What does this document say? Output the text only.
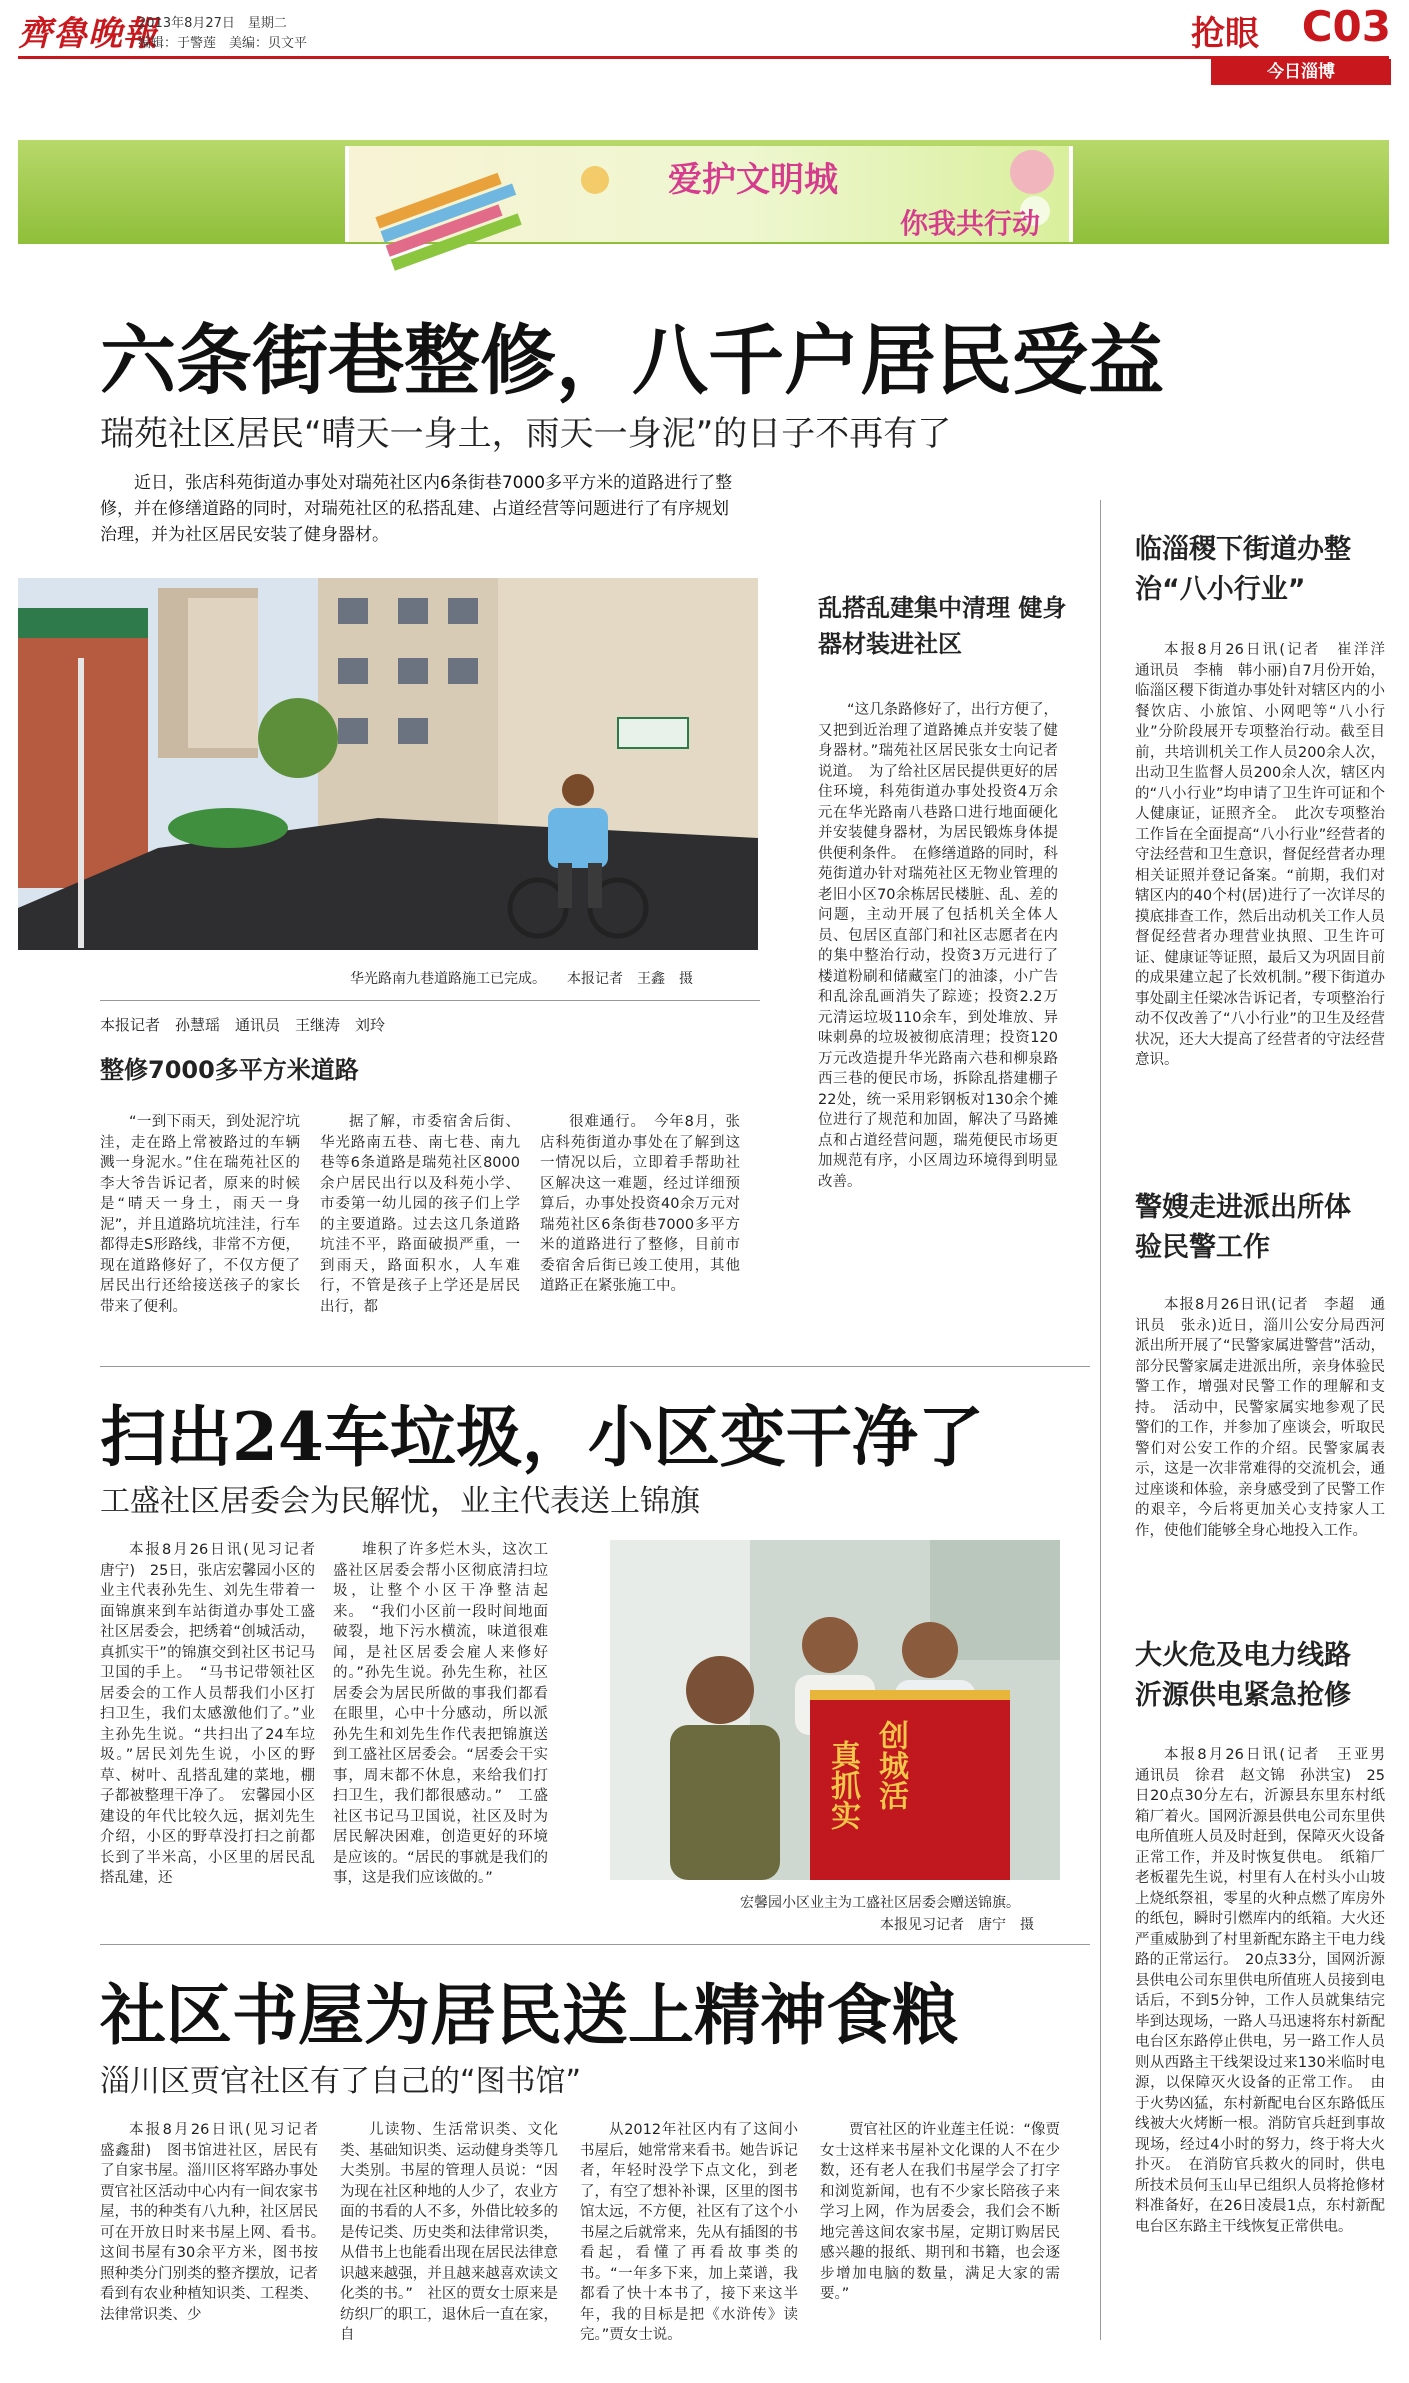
齊魯晚報
2013年8月27日　星期二
编辑：于警莲　美编：贝文平	抢眼 C03
今日淄博
爱护文明城
你我共行动
六条街巷整修，八千户居民受益
瑞苑社区居民“晴天一身土，雨天一身泥”的日子不再有了
近日，张店科苑街道办事处对瑞苑社区内6条街巷7000多平方米的道路进行了整修，并在修缮道路的同时，对瑞苑社区的私搭乱建、占道经营等问题进行了有序规划治理，并为社区居民安装了健身器材。
华光路南九巷道路施工已完成。　　本报记者　王鑫　摄
本报记者　孙慧瑶　通讯员　王继涛　刘玲
整修7000多平方米道路

“一到下雨天，到处泥泞坑洼，走在路上常被路过的车辆溅一身泥水。”住在瑞苑社区的李大爷告诉记者，原来的时候是“晴天一身土，雨天一身泥”，并且道路坑坑洼洼，行车都得走S形路线，非常不方便，现在道路修好了，不仅方便了居民出行还给接送孩子的家长带来了便利。

据了解，市委宿舍后街、华光路南五巷、南七巷、南九巷等6条道路是瑞苑社区8000余户居民出行以及科苑小学、市委第一幼儿园的孩子们上学的主要道路。过去这几条道路坑洼不平，路面破损严重，一到雨天，路面积水，人车难行，不管是孩子上学还是居民出行，都

很难通行。　今年8月，张店科苑街道办事处在了解到这一情况以后，立即着手帮助社区解决这一难题，经过详细预算后，办事处投资40余万元对瑞苑社区6条街巷7000多平方米的道路进行了整修，目前市委宿舍后街已竣工使用，其他道路正在紧张施工中。

乱搭乱建集中清理 健身器材装进社区

“这几条路修好了，出行方便了，又把到近治理了道路摊点并安装了健身器材。”瑞苑社区居民张女士向记者说道。　为了给社区居民提供更好的居住环境，科苑街道办事处投资4万余元在华光路南八巷路口进行地面硬化并安装健身器材，为居民锻炼身体提供便利条件。　在修缮道路的同时，科苑街道办针对瑞苑社区无物业管理的老旧小区70余栋居民楼脏、乱、差的问题，主动开展了包括机关全体人员、包居区直部门和社区志愿者在内的集中整治行动，投资3万元进行了楼道粉刷和储藏室门的油漆，小广告和乱涂乱画消失了踪迹；投资2.2万元清运垃圾110余车，到处堆放、异味刺鼻的垃圾被彻底清理；投资120万元改造提升华光路南六巷和柳泉路西三巷的便民市场，拆除乱搭建棚子22处，统一采用彩钢板对130余个摊位进行了规范和加固，解决了马路摊点和占道经营问题，瑞苑便民市场更加规范有序，小区周边环境得到明显改善。

临淄稷下街道办整治“八小行业”

本报8月26日讯(记者　崔洋洋　通讯员　李楠　韩小丽)自7月份开始，临淄区稷下街道办事处针对辖区内的小餐饮店、小旅馆、小网吧等“八小行业”分阶段展开专项整治行动。截至目前，共培训机关工作人员200余人次，出动卫生监督人员200余人次，辖区内的“八小行业”均申请了卫生许可证和个人健康证，证照齐全。　此次专项整治工作旨在全面提高“八小行业”经营者的守法经营和卫生意识，督促经营者办理相关证照并登记备案。“前期，我们对辖区内的40个村(居)进行了一次详尽的摸底排查工作，然后出动机关工作人员督促经营者办理营业执照、卫生许可证、健康证等证照，最后又为巩固目前的成果建立起了长效机制。”稷下街道办事处副主任梁冰告诉记者，专项整治行动不仅改善了“八小行业”的卫生及经营状况，还大大提高了经营者的守法经营意识。

警嫂走进派出所体验民警工作

本报8月26日讯(记者　李超　通讯员　张永)近日，淄川公安分局西河派出所开展了“民警家属进警营”活动，部分民警家属走进派出所，亲身体验民警工作，增强对民警工作的理解和支持。　活动中，民警家属实地参观了民警们的工作，并参加了座谈会，听取民警们对公安工作的介绍。民警家属表示，这是一次非常难得的交流机会，通过座谈和体验，亲身感受到了民警工作的艰辛，今后将更加关心支持家人工作，使他们能够全身心地投入工作。

大火危及电力线路沂源供电紧急抢修

本报8月26日讯(记者　王亚男　通讯员　徐君　赵文锦　孙洪宝)　25日20点30分左右，沂源县东里东村纸箱厂着火。国网沂源县供电公司东里供电所值班人员及时赶到，保障灭火设备正常工作，并及时恢复供电。　纸箱厂老板翟先生说，村里有人在村头小山坡上烧纸祭祖，零星的火种点燃了库房外的纸包，瞬时引燃库内的纸箱。大火还严重威胁到了村里新配东路主干电力线路的正常运行。　20点33分，国网沂源县供电公司东里供电所值班人员接到电话后，不到5分钟，工作人员就集结完毕到达现场，一路人马迅速将东村新配电台区东路停止供电，另一路工作人员则从西路主干线架设过来130米临时电源，以保障灭火设备的正常工作。　由于火势凶猛，东村新配电台区东路低压线被大火烤断一根。消防官兵赶到事故现场，经过4小时的努力，终于将大火扑灭。　在消防官兵救火的同时，供电所技术员何玉山早已组织人员将抢修材料准备好，在26日凌晨1点，东村新配电台区东路主干线恢复正常供电。

扫出24车垃圾，小区变干净了
工盛社区居委会为民解忧，业主代表送上锦旗

本报8月26日讯(见习记者　唐宁)　25日，张店宏馨园小区的业主代表孙先生、刘先生带着一面锦旗来到车站街道办事处工盛社区居委会，把绣着“创城活动，真抓实干”的锦旗交到社区书记马卫国的手上。　“马书记带领社区居委会的工作人员帮我们小区打扫卫生，我们太感激他们了。”业主孙先生说。“共扫出了24车垃圾。”居民刘先生说，小区的野草、树叶、乱搭乱建的菜地，棚子都被整理干净了。　宏馨园小区建设的年代比较久远，据刘先生介绍，小区的野草没打扫之前都长到了半米高，小区里的居民乱搭乱建，还

堆积了许多烂木头，这次工盛社区居委会帮小区彻底清扫垃圾，让整个小区干净整洁起来。　“我们小区前一段时间地面破裂，地下污水横流，味道很难闻，是社区居委会雇人来修好的。”孙先生说。孙先生称，社区居委会为居民所做的事我们都看在眼里，心中十分感动，所以派孙先生和刘先生作代表把锦旗送到工盛社区居委会。“居委会干实事，周末都不休息，来给我们打扫卫生，我们都很感动。”　工盛社区书记马卫国说，社区及时为居民解决困难，创造更好的环境是应该的。“居民的事就是我们的事，这是我们应该做的。”

创城活
真抓实
宏馨园小区业主为工盛社区居委会赠送锦旗。
本报见习记者　唐宁　摄
社区书屋为居民送上精神食粮
淄川区贾官社区有了自己的“图书馆”

本报8月26日讯(见习记者　盛鑫甜)　图书馆进社区，居民有了自家书屋。淄川区将军路办事处贾官社区活动中心内有一间农家书屋，书的种类有八九种，社区居民可在开放日时来书屋上网、看书。　这间书屋有30余平方米，图书按照种类分门别类的整齐摆放，记者看到有农业种植知识类、工程类、法律常识类、少

儿读物、生活常识类、文化类、基础知识类、运动健身类等几大类别。书屋的管理人员说：“因为现在社区种地的人少了，农业方面的书看的人不多，外借比较多的是传记类、历史类和法律常识类，从借书上也能看出现在居民法律意识越来越强，并且越来越喜欢读文化类的书。”　社区的贾女士原来是纺织厂的职工，退休后一直在家，自

从2012年社区内有了这间小书屋后，她常常来看书。她告诉记者，年轻时没学下点文化，到老了，有空了想补补课，区里的图书馆太远，不方便，社区有了这个小书屋之后就常来，先从有插图的书看起，看懂了再看故事类的书。“一年多下来，加上菜谱，我都看了快十本书了，接下来这半年，我的目标是把《水浒传》读完。”贾女士说。

贾官社区的许业莲主任说：“像贾女士这样来书屋补文化课的人不在少数，还有老人在我们书屋学会了打字和浏览新闻，也有不少家长陪孩子来学习上网，作为居委会，我们会不断地完善这间农家书屋，定期订购居民感兴趣的报纸、期刊和书籍，也会逐步增加电脑的数量，满足大家的需要。”
